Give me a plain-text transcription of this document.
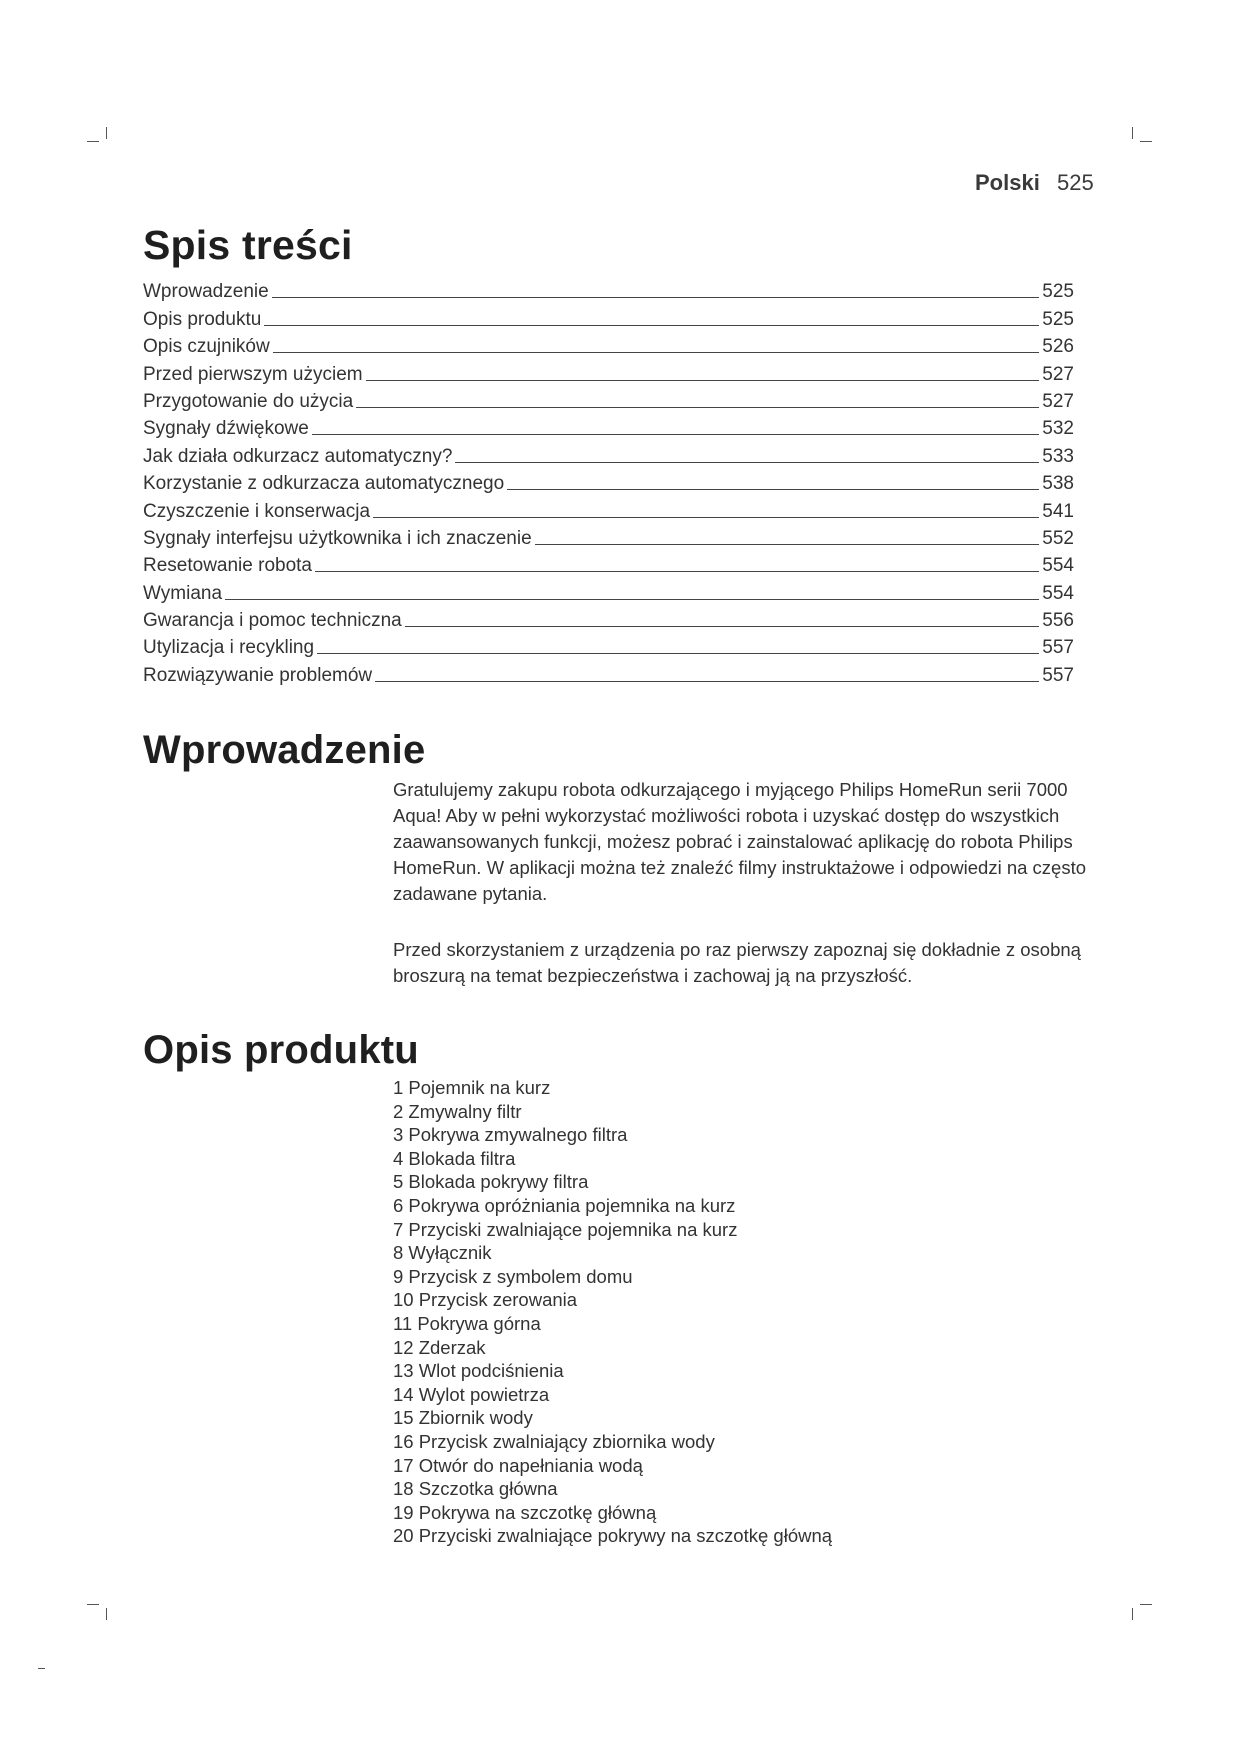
Polski 525
Spis treści
Wprowadzenie	525
Opis produktu	525
Opis czujników	526
Przed pierwszym użyciem	527
Przygotowanie do użycia	527
Sygnały dźwiękowe	532
Jak działa odkurzacz automatyczny?	533
Korzystanie z odkurzacza automatycznego	538
Czyszczenie i konserwacja	541
Sygnały interfejsu użytkownika i ich znaczenie	552
Resetowanie robota	554
Wymiana	554
Gwarancja i pomoc techniczna	556
Utylizacja i recykling	557
Rozwiązywanie problemów	557
Wprowadzenie

Gratulujemy zakupu robota odkurzającego i myjącego Philips HomeRun serii 7000 Aqua! Aby w pełni wykorzystać możliwości robota i uzyskać dostęp do wszystkich zaawansowanych funkcji, możesz pobrać i zainstalować aplikację do robota Philips HomeRun. W aplikacji można też znaleźć filmy instruktażowe i odpowiedzi na często zadawane pytania.

Przed skorzystaniem z urządzenia po raz pierwszy zapoznaj się dokładnie z osobną broszurą na temat bezpieczeństwa i zachowaj ją na przyszłość.

Opis produktu
1 Pojemnik na kurz
2 Zmywalny filtr
3 Pokrywa zmywalnego filtra
4 Blokada filtra
5 Blokada pokrywy filtra
6 Pokrywa opróżniania pojemnika na kurz
7 Przyciski zwalniające pojemnika na kurz
8 Wyłącznik
9 Przycisk z symbolem domu
10 Przycisk zerowania
11 Pokrywa górna
12 Zderzak
13 Wlot podciśnienia
14 Wylot powietrza
15 Zbiornik wody
16 Przycisk zwalniający zbiornika wody
17 Otwór do napełniania wodą
18 Szczotka główna
19 Pokrywa na szczotkę główną
20 Przyciski zwalniające pokrywy na szczotkę główną
